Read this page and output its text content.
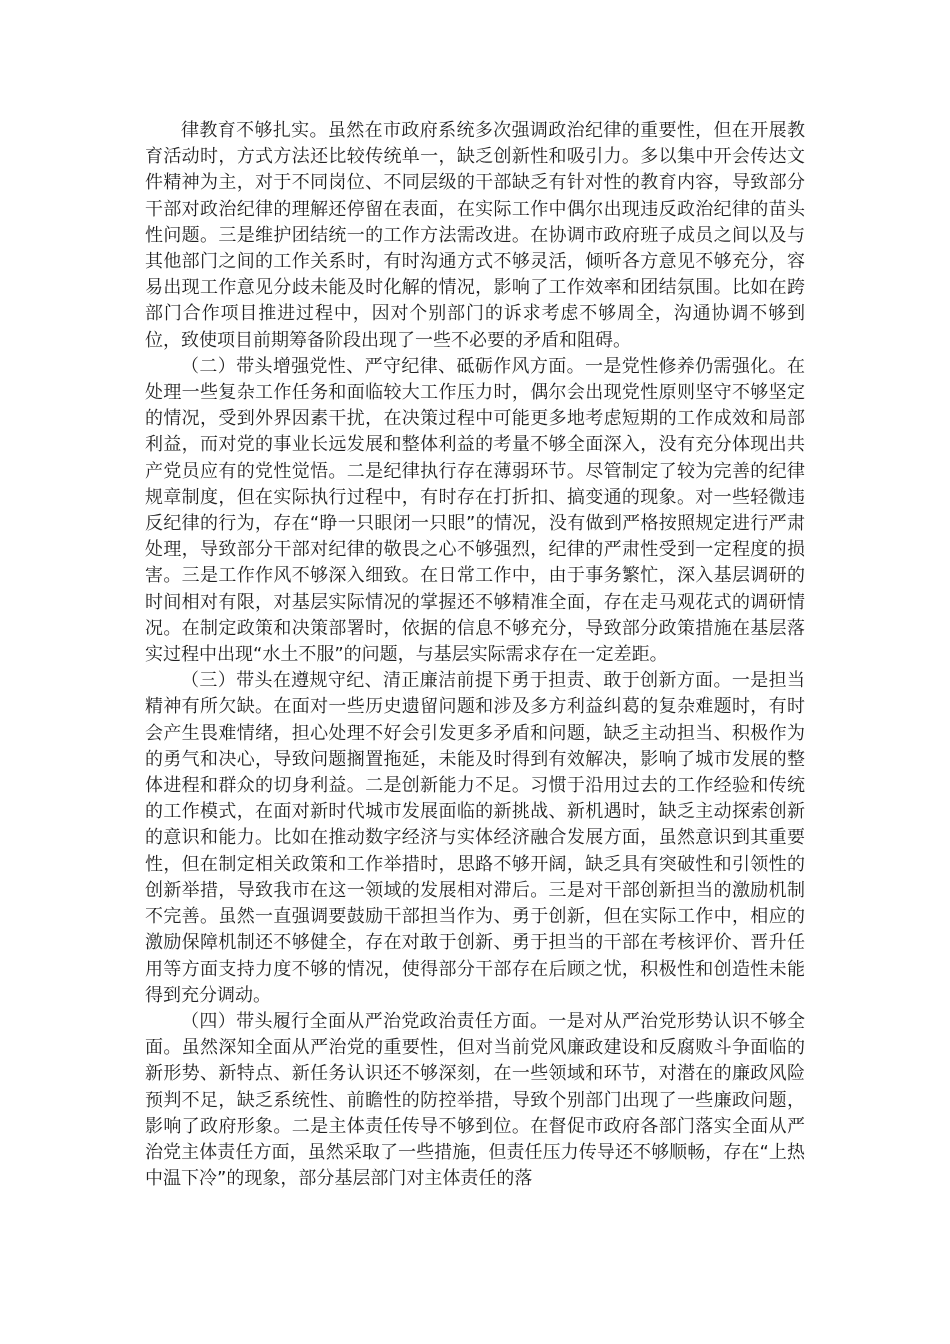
律教育不够扎实。虽然在市政府系统多次强调政治纪律的重要性，但在开展教育活动时，方式方法还比较传统单一，缺乏创新性和吸引力。多以集中开会传达文件精神为主，对于不同岗位、不同层级的干部缺乏有针对性的教育内容，导致部分干部对政治纪律的理解还停留在表面，在实际工作中偶尔出现违反政治纪律的苗头性问题。三是维护团结统一的工作方法需改进。在协调市政府班子成员之间以及与其他部门之间的工作关系时，有时沟通方式不够灵活，倾听各方意见不够充分，容易出现工作意见分歧未能及时化解的情况，影响了工作效率和团结氛围。比如在跨部门合作项目推进过程中，因对个别部门的诉求考虑不够周全，沟通协调不够到位，致使项目前期筹备阶段出现了一些不必要的矛盾和阻碍。

（二）带头增强党性、严守纪律、砥砺作风方面。一是党性修养仍需强化。在处理一些复杂工作任务和面临较大工作压力时，偶尔会出现党性原则坚守不够坚定的情况，受到外界因素干扰，在决策过程中可能更多地考虑短期的工作成效和局部利益，而对党的事业长远发展和整体利益的考量不够全面深入，没有充分体现出共产党员应有的党性觉悟。二是纪律执行存在薄弱环节。尽管制定了较为完善的纪律规章制度，但在实际执行过程中，有时存在打折扣、搞变通的现象。对一些轻微违反纪律的行为，存在“睁一只眼闭一只眼”的情况，没有做到严格按照规定进行严肃处理，导致部分干部对纪律的敬畏之心不够强烈，纪律的严肃性受到一定程度的损害。三是工作作风不够深入细致。在日常工作中，由于事务繁忙，深入基层调研的时间相对有限，对基层实际情况的掌握还不够精准全面，存在走马观花式的调研情况。在制定政策和决策部署时，依据的信息不够充分，导致部分政策措施在基层落实过程中出现“水土不服”的问题，与基层实际需求存在一定差距。

（三）带头在遵规守纪、清正廉洁前提下勇于担责、敢于创新方面。一是担当精神有所欠缺。在面对一些历史遗留问题和涉及多方利益纠葛的复杂难题时，有时会产生畏难情绪，担心处理不好会引发更多矛盾和问题，缺乏主动担当、积极作为的勇气和决心，导致问题搁置拖延，未能及时得到有效解决，影响了城市发展的整体进程和群众的切身利益。二是创新能力不足。习惯于沿用过去的工作经验和传统的工作模式，在面对新时代城市发展面临的新挑战、新机遇时，缺乏主动探索创新的意识和能力。比如在推动数字经济与实体经济融合发展方面，虽然意识到其重要性，但在制定相关政策和工作举措时，思路不够开阔，缺乏具有突破性和引领性的创新举措，导致我市在这一领域的发展相对滞后。三是对干部创新担当的激励机制不完善。虽然一直强调要鼓励干部担当作为、勇于创新，但在实际工作中，相应的激励保障机制还不够健全，存在对敢于创新、勇于担当的干部在考核评价、晋升任用等方面支持力度不够的情况，使得部分干部存在后顾之忧，积极性和创造性未能得到充分调动。

（四）带头履行全面从严治党政治责任方面。一是对从严治党形势认识不够全面。虽然深知全面从严治党的重要性，但对当前党风廉政建设和反腐败斗争面临的新形势、新特点、新任务认识还不够深刻，在一些领域和环节，对潜在的廉政风险预判不足，缺乏系统性、前瞻性的防控举措，导致个别部门出现了一些廉政问题，影响了政府形象。二是主体责任传导不够到位。在督促市政府各部门落实全面从严治党主体责任方面，虽然采取了一些措施，但责任压力传导还不够顺畅，存在“上热中温下冷”的现象，部分基层部门对主体责任的落
